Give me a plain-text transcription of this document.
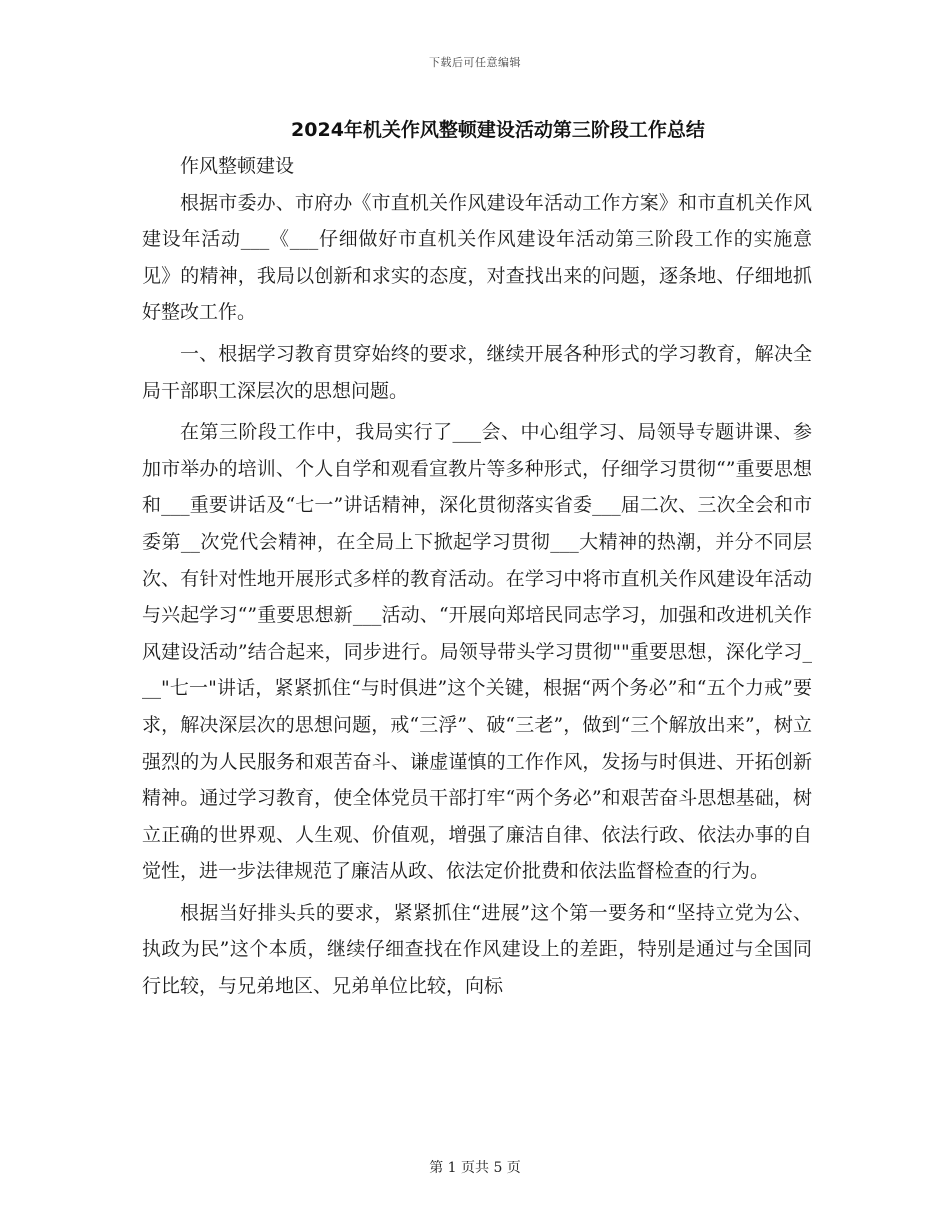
下载后可任意编辑
2024年机关作风整顿建设活动第三阶段工作总结

作风整顿建设

根据市委办、市府办《市直机关作风建设年活动工作方案》和市直机关作风建设年活动___《___仔细做好市直机关作风建设年活动第三阶段工作的实施意见》的精神，我局以创新和求实的态度，对查找出来的问题，逐条地、仔细地抓好整改工作。

一、根据学习教育贯穿始终的要求，继续开展各种形式的学习教育，解决全局干部职工深层次的思想问题。

在第三阶段工作中，我局实行了___会、中心组学习、局领导专题讲课、参加市举办的培训、个人自学和观看宣教片等多种形式，仔细学习贯彻“”重要思想和___重要讲话及“七一”讲话精神，深化贯彻落实省委___届二次、三次全会和市委第__次党代会精神，在全局上下掀起学习贯彻___大精神的热潮，并分不同层次、有针对性地开展形式多样的教育活动。在学习中将市直机关作风建设年活动与兴起学习“”重要思想新___活动、“开展向郑培民同志学习，加强和改进机关作风建设活动”结合起来，同步进行。局领导带头学习贯彻""重要思想，深化学习___"七一"讲话，紧紧抓住“与时俱进”这个关键，根据“两个务必”和“五个力戒”要求，解决深层次的思想问题，戒“三浮”、破“三老”，做到“三个解放出来”，树立强烈的为人民服务和艰苦奋斗、谦虚谨慎的工作作风，发扬与时俱进、开拓创新精神。通过学习教育，使全体党员干部打牢“两个务必”和艰苦奋斗思想基础，树立正确的世界观、人生观、价值观，增强了廉洁自律、依法行政、依法办事的自觉性，进一步法律规范了廉洁从政、依法定价批费和依法监督检查的行为。

根据当好排头兵的要求，紧紧抓住“进展”这个第一要务和“坚持立党为公、执政为民”这个本质，继续仔细查找在作风建设上的差距，特别是通过与全国同行比较，与兄弟地区、兄弟单位比较，向标

第 1 页共 5 页
